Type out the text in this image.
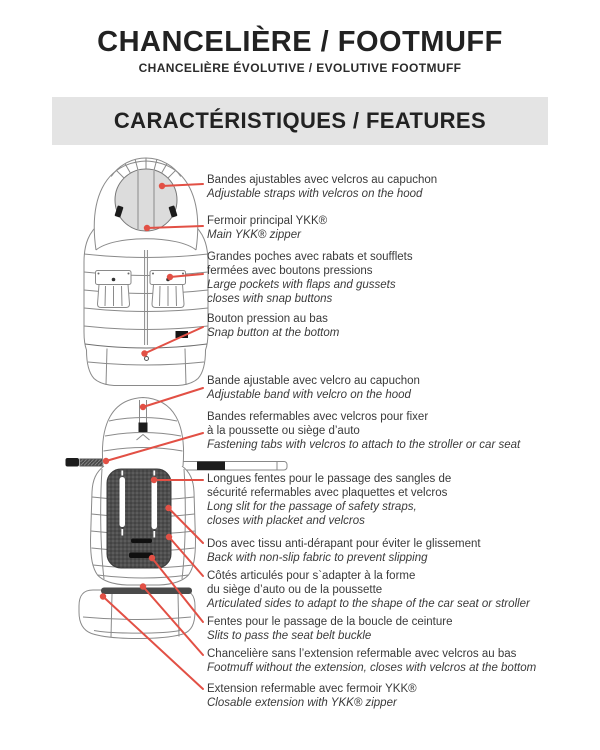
CHANCELIÈRE / FOOTMUFF
CHANCELIÈRE ÉVOLUTIVE / EVOLUTIVE FOOTMUFF
CARACTÉRISTIQUES / FEATURES
Bandes ajustables avec velcros au capuchon
Adjustable straps with velcros on the hood
Fermoir principal YKK®
Main YKK® zipper
Grandes poches avec rabats et soufflets
fermées avec boutons pressions
Large pockets with flaps and gussets
closes with snap buttons
Bouton pression au bas
Snap button at the bottom
Bande ajustable avec velcro au capuchon
Adjustable band with velcro on the hood
Bandes refermables avec velcros pour fixer
à la poussette ou siège d’auto
Fastening tabs with velcros to attach to the stroller or car seat
Longues fentes pour le passage des sangles de
sécurité refermables avec plaquettes et velcros
Long slit for the passage of safety straps,
closes with placket and velcros
Dos avec tissu anti-dérapant pour éviter le glissement
Back with non-slip fabric to prevent slipping
Côtés articulés pour s`adapter à la forme
du siège d’auto ou de la poussette
Articulated sides to adapt to the shape of the car seat or stroller
Fentes pour le passage de la boucle de ceinture
Slits to pass the seat belt buckle
Chancelière sans l’extension refermable avec velcros au bas
Footmuff without the extension, closes with velcros at the bottom
Extension refermable avec fermoir YKK®
Closable extension with YKK® zipper
